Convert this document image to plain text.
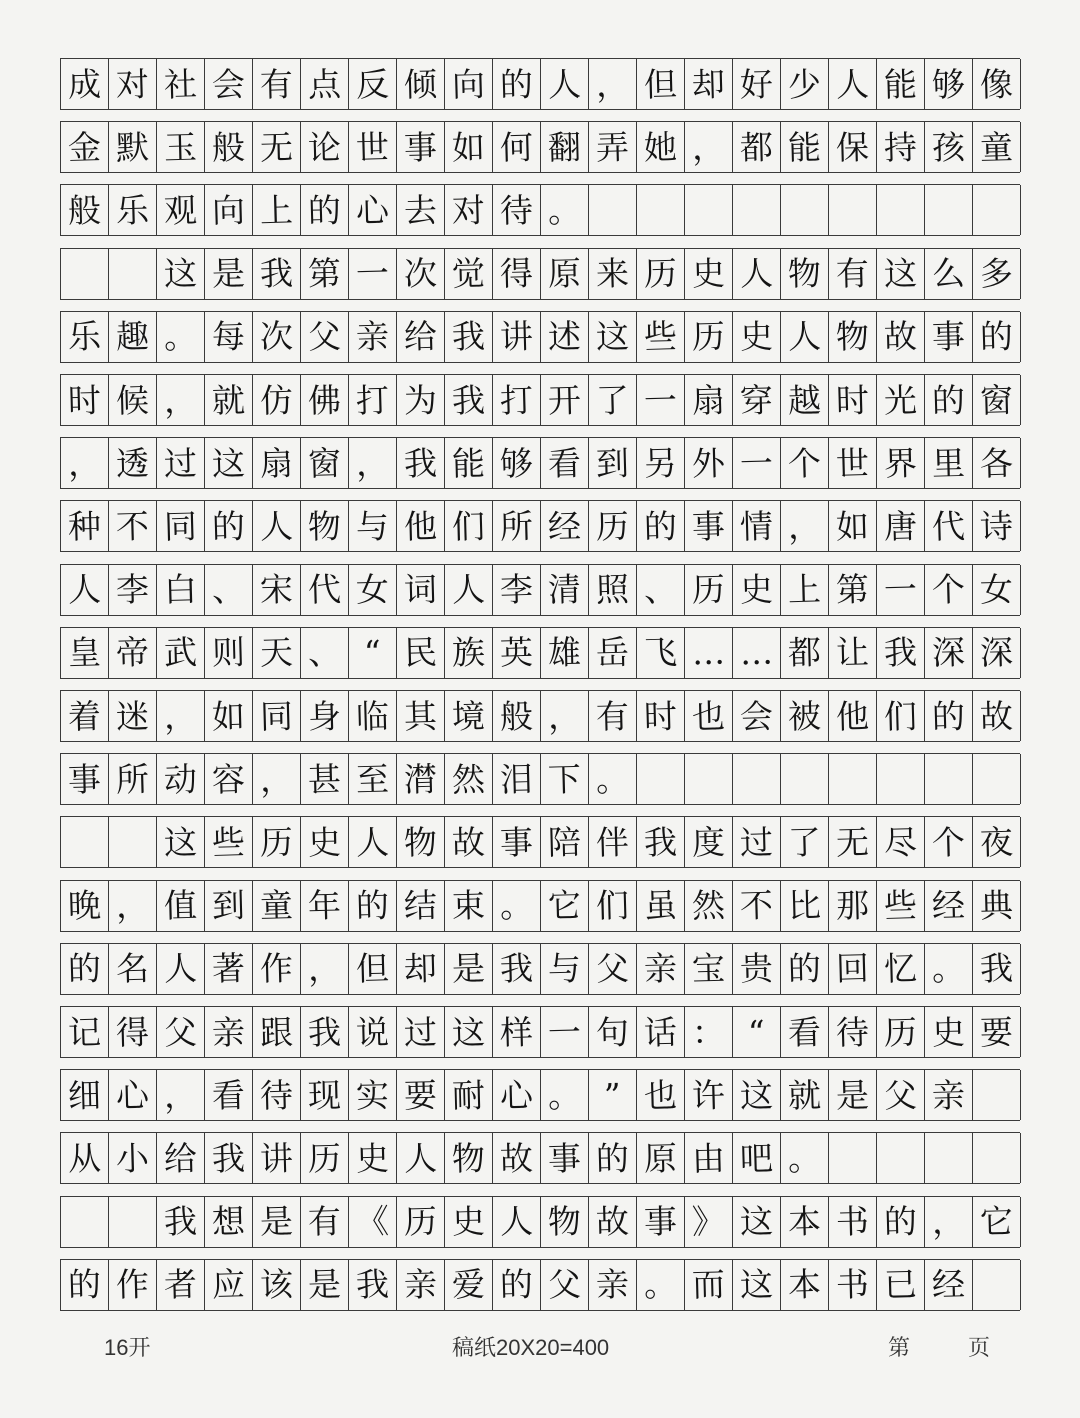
成 对 社 会 有 点 反 倾 向 的 人 ， 但 却 好 少 人 能 够 像
金 默 玉 般 无 论 世 事 如 何 翻 弄 她 ， 都 能 保 持 孩 童
般 乐 观 向 上 的 心 去 对 待 。

这 是 我 第 一 次 觉 得 原 来 历 史 人 物 有 这 么 多
乐 趣 。 每 次 父 亲 给 我 讲 述 这 些 历 史 人 物 故 事 的
时 候 ， 就 仿 佛 打 为 我 打 开 了 一 扇 穿 越 时 光 的 窗
， 透 过 这 扇 窗 ， 我 能 够 看 到 另 外 一 个 世 界 里 各
种 不 同 的 人 物 与 他 们 所 经 历 的 事 情 ， 如 唐 代 诗
人 李 白 、 宋 代 女 词 人 李 清 照 、 历 史 上 第 一 个 女
皇 帝 武 则 天 、 “ 民 族 英 雄 岳 飞 … … 都 让 我 深 深
着 迷 ， 如 同 身 临 其 境 般 ， 有 时 也 会 被 他 们 的 故
事 所 动 容 ， 甚 至 潸 然 泪 下 。

这 些 历 史 人 物 故 事 陪 伴 我 度 过 了 无 尽 个 夜
晚 ， 值 到 童 年 的 结 束 。 它 们 虽 然 不 比 那 些 经 典
的 名 人 著 作 ， 但 却 是 我 与 父 亲 宝 贵 的 回 忆 。 我
记 得 父 亲 跟 我 说 过 这 样 一 句 话 ： “ 看 待 历 史 要
细 心 ， 看 待 现 实 要 耐 心 。 ” 也 许 这 就 是 父 亲
从 小 给 我 讲 历 史 人 物 故 事 的 原 由 吧 。

我 想 是 有 《 历 史 人 物 故 事 》 这 本 书 的 ， 它
的 作 者 应 该 是 我 亲 爱 的 父 亲 。 而 这 本 书 已 经
16开	稿纸20X20=400	第	页
